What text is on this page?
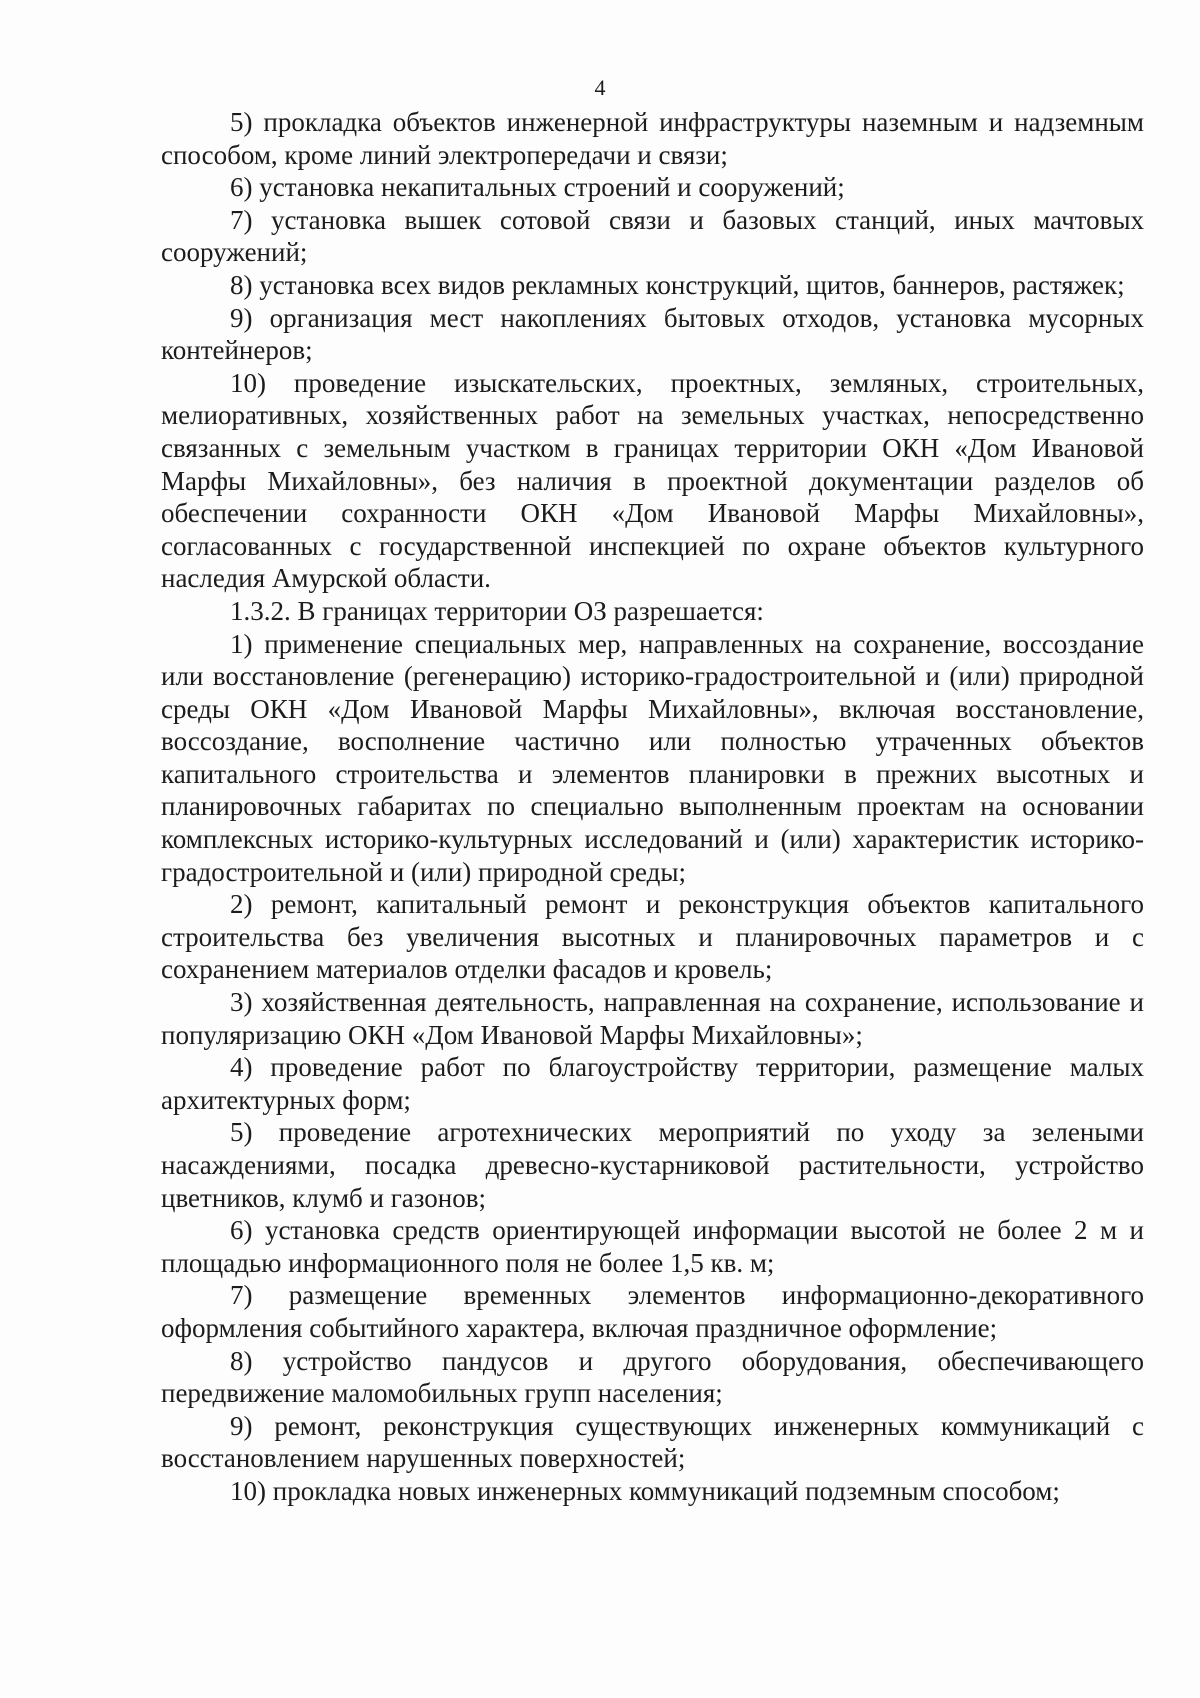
4

5) прокладка объектов инженерной инфраструктуры наземным и надземным способом, кроме линий электропередачи и связи;

6) установка некапитальных строений и сооружений;

7) установка вышек сотовой связи и базовых станций, иных мачтовых сооружений;

8) установка всех видов рекламных конструкций, щитов, баннеров, растяжек;

9) организация мест накоплениях бытовых отходов, установка мусорных контейнеров;

10) проведение изыскательских, проектных, земляных, строительных, мелиоративных, хозяйственных работ на земельных участках, непосредственно связанных с земельным участком в границах территории ОКН «Дом Ивановой Марфы Михайловны», без наличия в проектной документации разделов об обеспечении сохранности ОКН «Дом Ивановой Марфы Михайловны», согласованных с государственной инспекцией по охране объектов культурного наследия Амурской области.

1.3.2. В границах территории ОЗ разрешается:

1) применение специальных мер, направленных на сохранение, воссоздание или восстановление (регенерацию) историко-градостроительной и (или) природной среды ОКН «Дом Ивановой Марфы Михайловны», включая восстановление, воссоздание, восполнение частично или полностью утраченных объектов капитального строительства и элементов планировки в прежних высотных и планировочных габаритах по специально выполненным проектам на основании комплексных историко-культурных исследований и (или) характеристик историко-градостроительной и (или) природной среды;

2) ремонт, капитальный ремонт и реконструкция объектов капитального строительства без увеличения высотных и планировочных параметров и с сохранением материалов отделки фасадов и кровель;

3) хозяйственная деятельность, направленная на сохранение, использование и популяризацию ОКН «Дом Ивановой Марфы Михайловны»;

4) проведение работ по благоустройству территории, размещение малых архитектурных форм;

5) проведение агротехнических мероприятий по уходу за зелеными насаждениями, посадка древесно-кустарниковой растительности, устройство цветников, клумб и газонов;

6) установка средств ориентирующей информации высотой не более 2 м и площадью информационного поля не более 1,5 кв. м;

7) размещение временных элементов информационно-декоративного оформления событийного характера, включая праздничное оформление;

8) устройство пандусов и другого оборудования, обеспечивающего передвижение маломобильных групп населения;

9) ремонт, реконструкция существующих инженерных коммуникаций с восстановлением нарушенных поверхностей;

10) прокладка новых инженерных коммуникаций подземным способом;
